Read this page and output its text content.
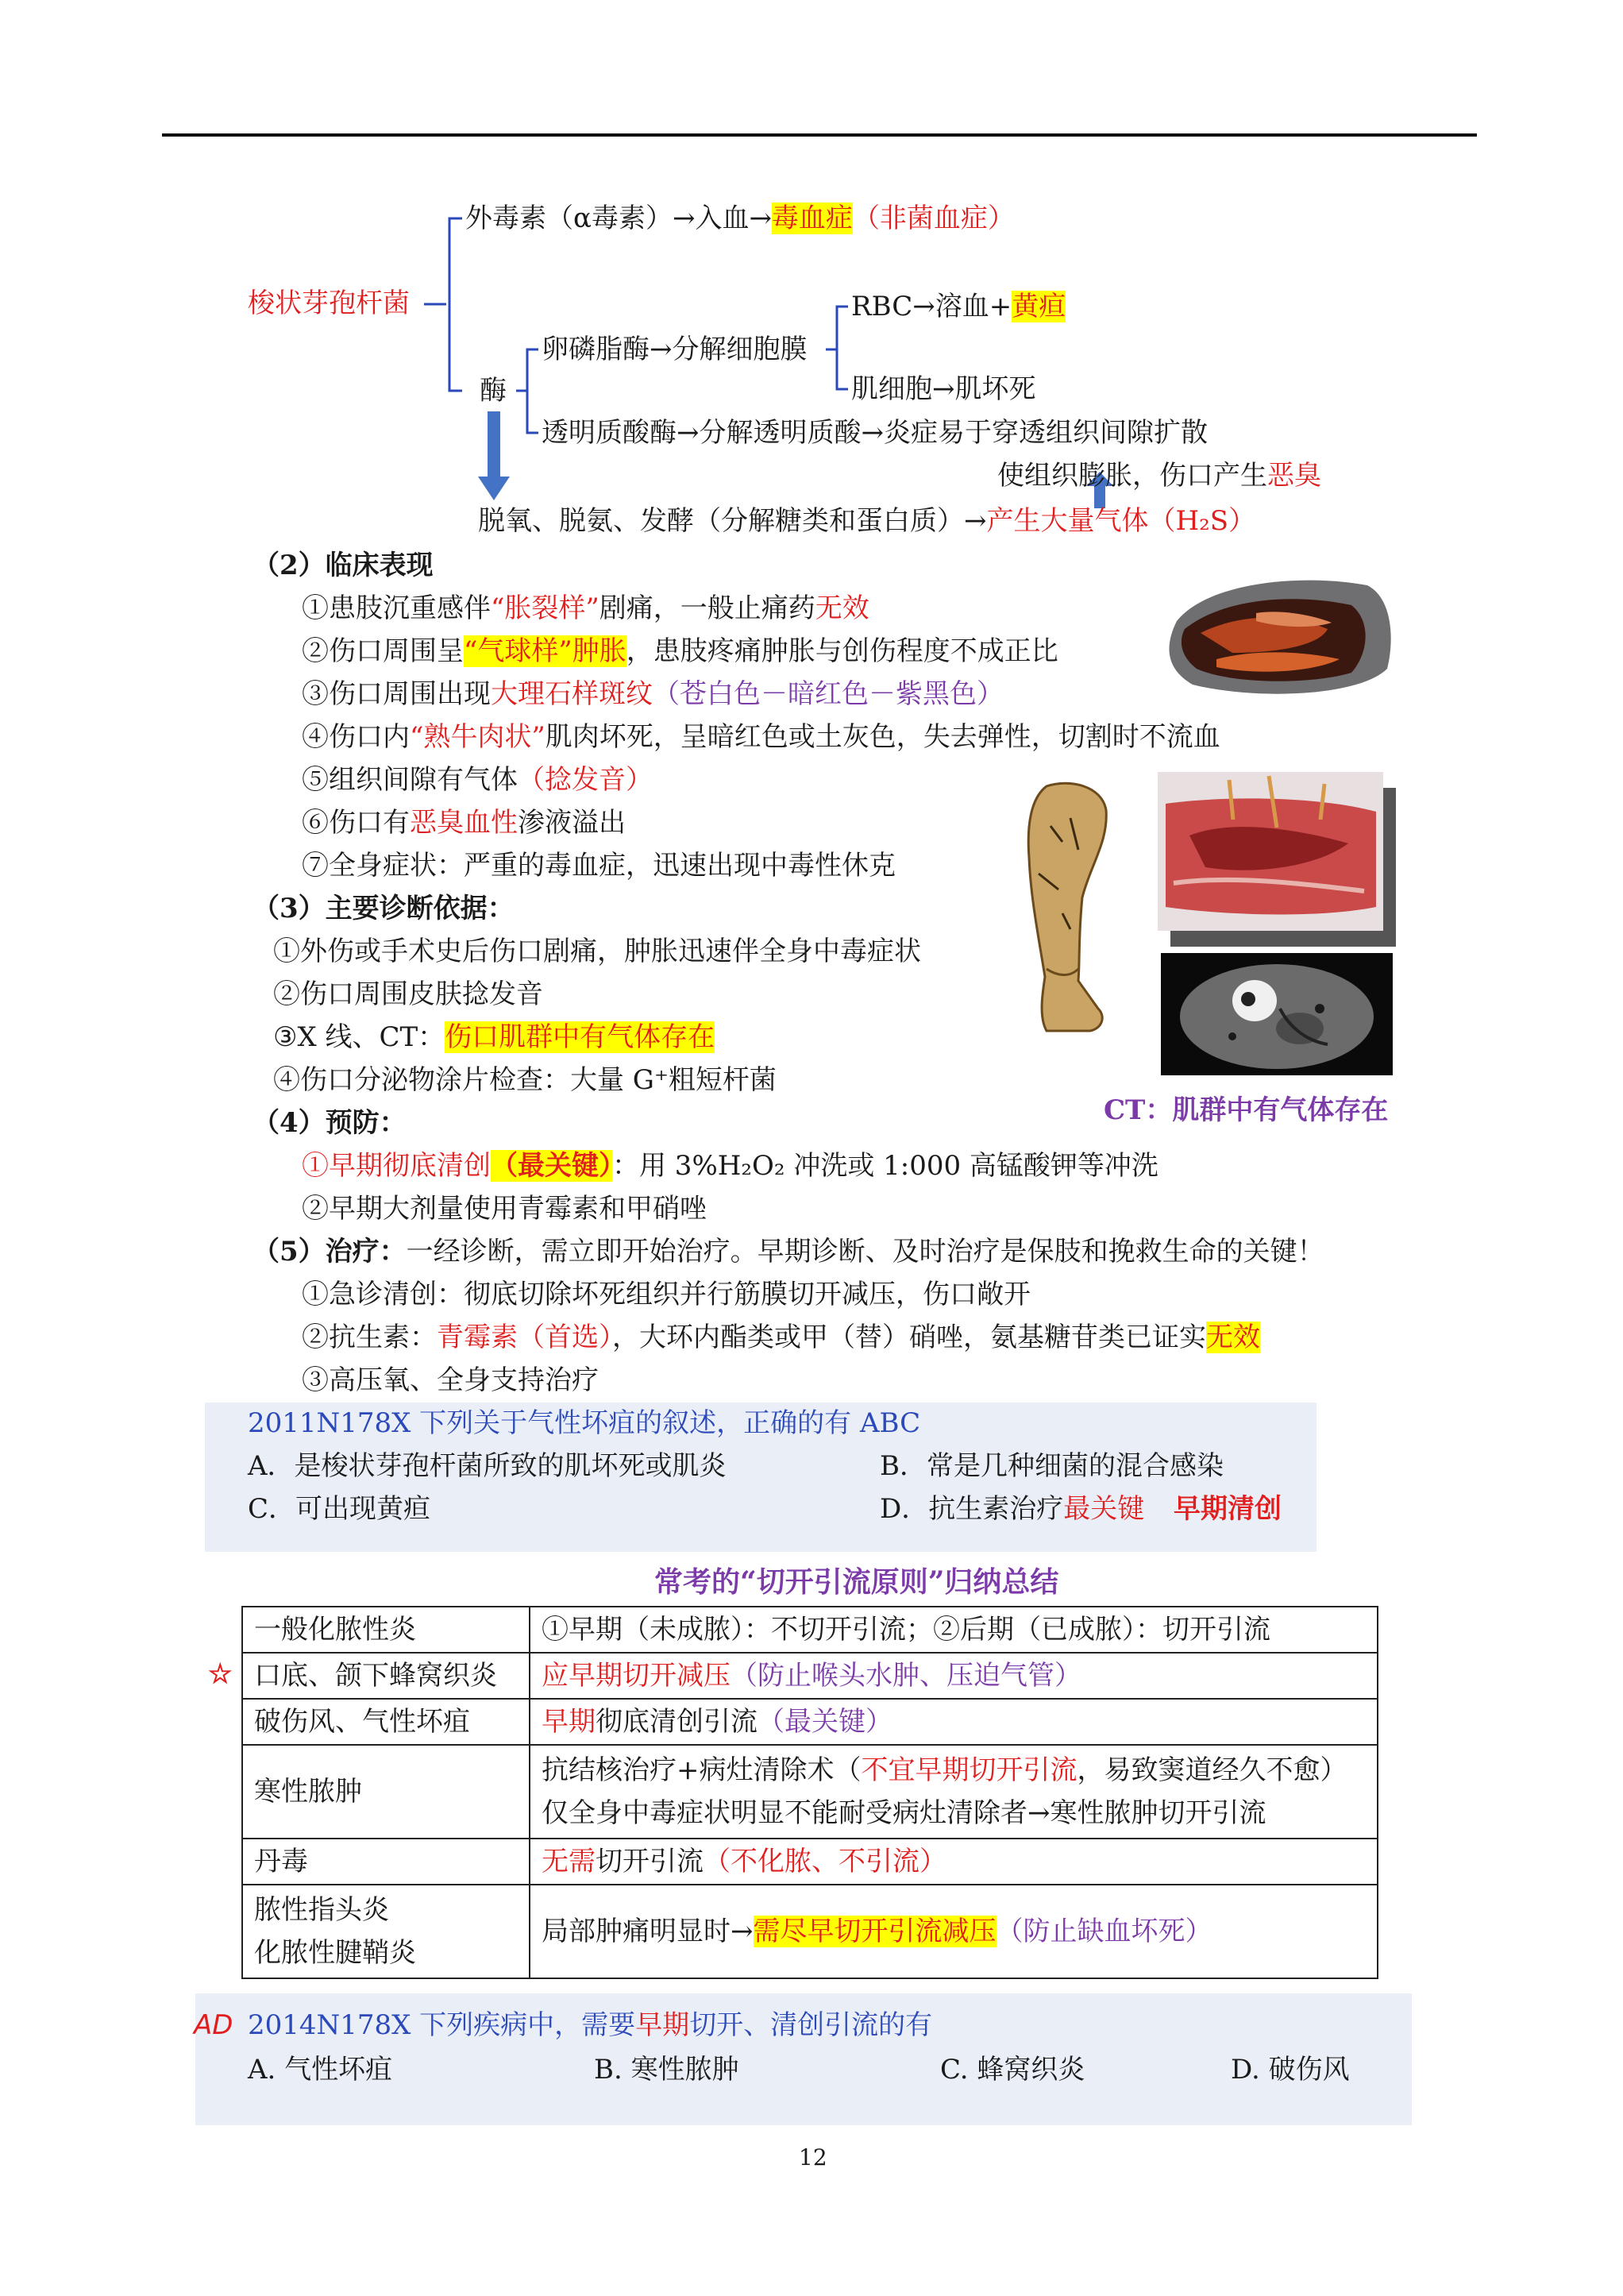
梭状芽孢杆菌
外毒素（α毒素）→入血→毒血症（非菌血症）
酶
卵磷脂酶→分解细胞膜
RBC→溶血+黄疸
肌细胞→肌坏死
透明质酸酶→分解透明质酸→炎症易于穿透组织间隙扩散
使组织膨胀，伤口产生恶臭
脱氧、脱氨、发酵（分解糖类和蛋白质）→产生大量气体（H₂S）
（2）临床表现
①患肢沉重感伴“胀裂样”剧痛，一般止痛药无效
②伤口周围呈“气球样”肿胀，患肢疼痛肿胀与创伤程度不成正比
③伤口周围出现大理石样斑纹（苍白色－暗红色－紫黑色）
④伤口内“熟牛肉状”肌肉坏死，呈暗红色或土灰色，失去弹性，切割时不流血
⑤组织间隙有气体（捻发音）
⑥伤口有恶臭血性渗液溢出
⑦全身症状：严重的毒血症，迅速出现中毒性休克
（3）主要诊断依据：
①外伤或手术史后伤口剧痛，肿胀迅速伴全身中毒症状
②伤口周围皮肤捻发音
③X 线、CT：伤口肌群中有气体存在
④伤口分泌物涂片检查：大量 G⁺粗短杆菌
CT：肌群中有气体存在
（4）预防：
①早期彻底清创（最关键）：用 3%H₂O₂ 冲洗或 1:000 高锰酸钾等冲洗
②早期大剂量使用青霉素和甲硝唑
（5）治疗：一经诊断，需立即开始治疗。早期诊断、及时治疗是保肢和挽救生命的关键！
①急诊清创：彻底切除坏死组织并行筋膜切开减压，伤口敞开
②抗生素：青霉素（首选），大环内酯类或甲（替）硝唑，氨基糖苷类已证实无效
③高压氧、全身支持治疗
2011N178X 下列关于气性坏疽的叙述，正确的有 ABC
A．是梭状芽孢杆菌所致的肌坏死或肌炎	B．常是几种细菌的混合感染
C．可出现黄疸	D．抗生素治疗最关键 早期清创
常考的“切开引流原则”归纳总结
☆
一般化脓性炎	①早期（未成脓）：不切开引流；②后期（已成脓）：切开引流
口底、颌下蜂窝织炎	应早期切开减压（防止喉头水肿、压迫气管）
破伤风、气性坏疽	早期彻底清创引流（最关键）
寒性脓肿	抗结核治疗+病灶清除术（不宜早期切开引流，易致窦道经久不愈）
仅全身中毒症状明显不能耐受病灶清除者→寒性脓肿切开引流

丹毒	无需切开引流（不化脓、不引流）

脓性指头炎
化脓性腱鞘炎	局部肿痛明显时→需尽早切开引流减压（防止缺血坏死）
AD 2014N178X 下列疾病中，需要早期切开、清创引流的有
A. 气性坏疽	B. 寒性脓肿	C. 蜂窝织炎	D. 破伤风
12
